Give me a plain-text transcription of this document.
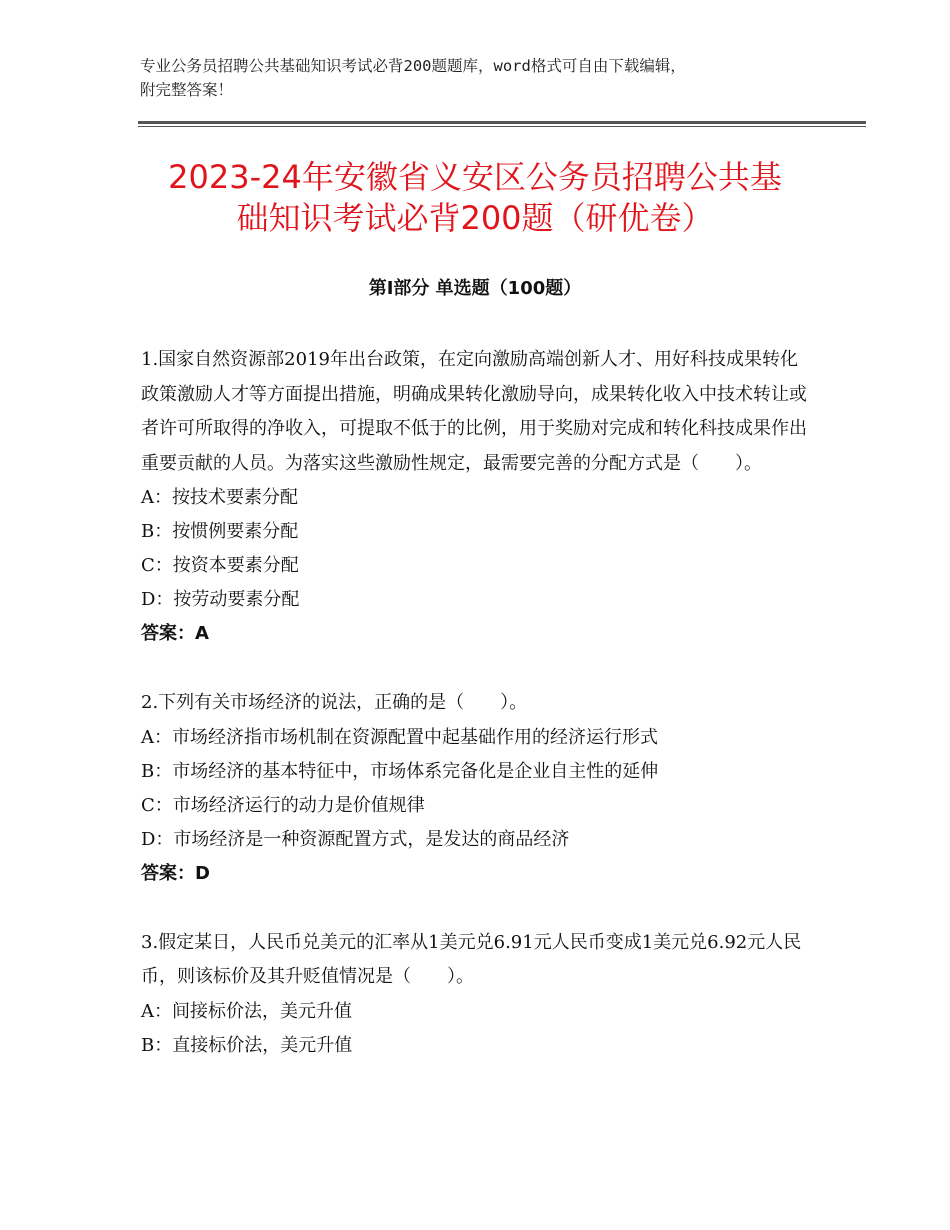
专业公务员招聘公共基础知识考试必背200题题库，word格式可自由下载编辑，
附完整答案！
2023-24年安徽省义安区公务员招聘公共基
础知识考试必背200题（研优卷）
第Ⅰ部分 单选题（100题）

1.国家自然资源部2019年出台政策，在定向激励高端创新人才、用好科技成果转化政策激励人才等方面提出措施，明确成果转化激励导向，成果转化收入中技术转让或者许可所取得的净收入，可提取不低于的比例，用于奖励对完成和转化科技成果作出重要贡献的人员。为落实这些激励性规定，最需要完善的分配方式是（　　）。

A：按技术要素分配

B：按惯例要素分配

C：按资本要素分配

D：按劳动要素分配

答案：A

2.下列有关市场经济的说法，正确的是（　　）。

A：市场经济指市场机制在资源配置中起基础作用的经济运行形式

B：市场经济的基本特征中，市场体系完备化是企业自主性的延伸

C：市场经济运行的动力是价值规律

D：市场经济是一种资源配置方式，是发达的商品经济

答案：D

3.假定某日，人民币兑美元的汇率从1美元兑6.91元人民币变成1美元兑6.92元人民币，则该标价及其升贬值情况是（　　）。

A：间接标价法，美元升值

B：直接标价法，美元升值
